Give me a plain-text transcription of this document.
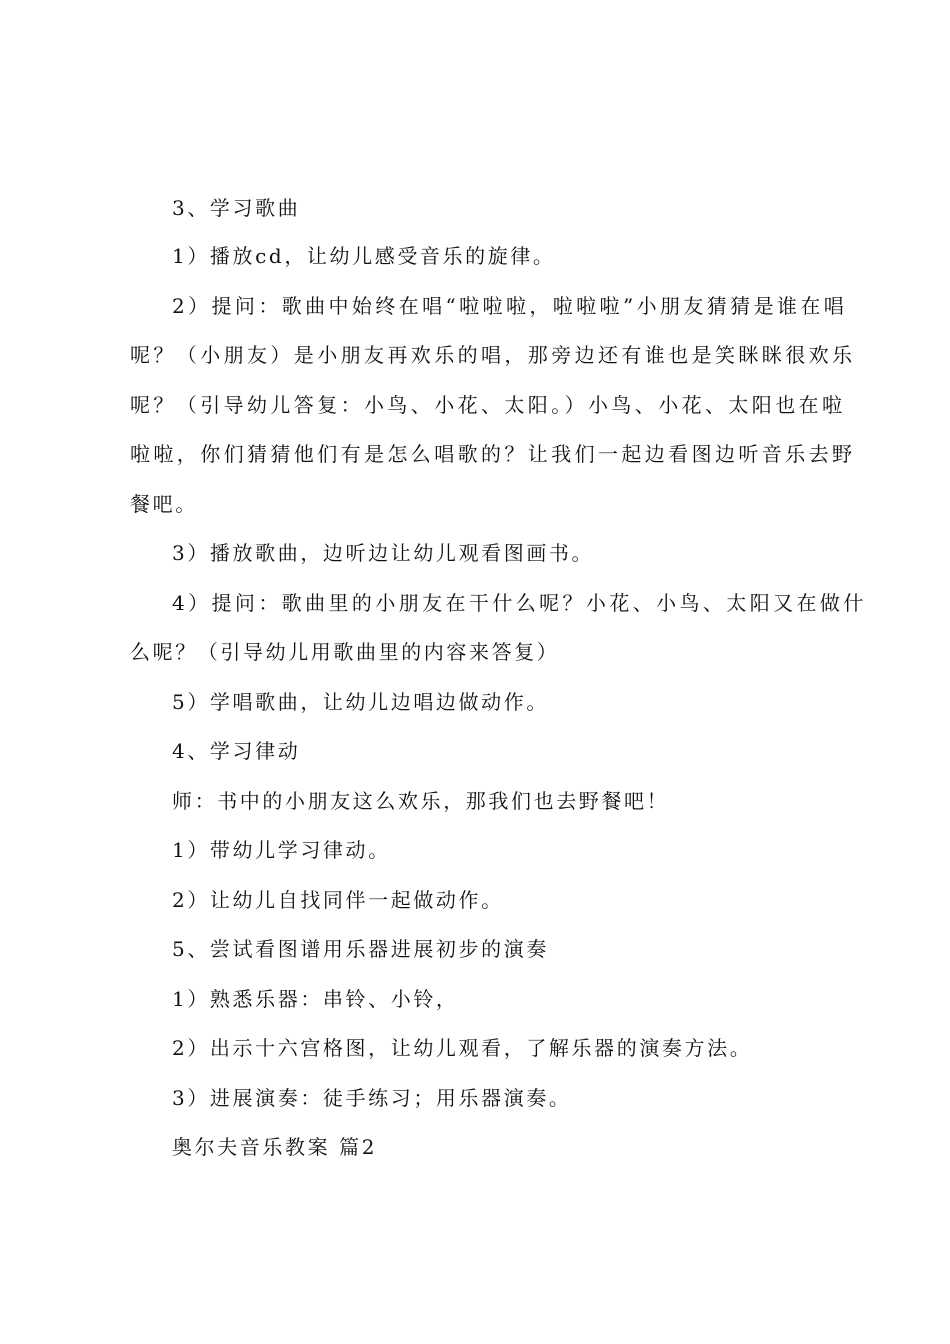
3、学习歌曲
1）播放cd，让幼儿感受音乐的旋律。
2）提问：歌曲中始终在唱“啦啦啦，啦啦啦”小朋友猜猜是谁在唱
呢？（小朋友）是小朋友再欢乐的唱，那旁边还有谁也是笑眯眯很欢乐
呢？（引导幼儿答复：小鸟、小花、太阳。）小鸟、小花、太阳也在啦
啦啦，你们猜猜他们有是怎么唱歌的？让我们一起边看图边听音乐去野
餐吧。
3）播放歌曲，边听边让幼儿观看图画书。
4）提问：歌曲里的小朋友在干什么呢？小花、小鸟、太阳又在做什
么呢？（引导幼儿用歌曲里的内容来答复）
5）学唱歌曲，让幼儿边唱边做动作。
4、学习律动
师：书中的小朋友这么欢乐，那我们也去野餐吧！
1）带幼儿学习律动。
2）让幼儿自找同伴一起做动作。
5、尝试看图谱用乐器进展初步的演奏
1）熟悉乐器：串铃、小铃，
2）出示十六宫格图，让幼儿观看，了解乐器的演奏方法。
3）进展演奏：徒手练习；用乐器演奏。
奥尔夫音乐教案 篇2
